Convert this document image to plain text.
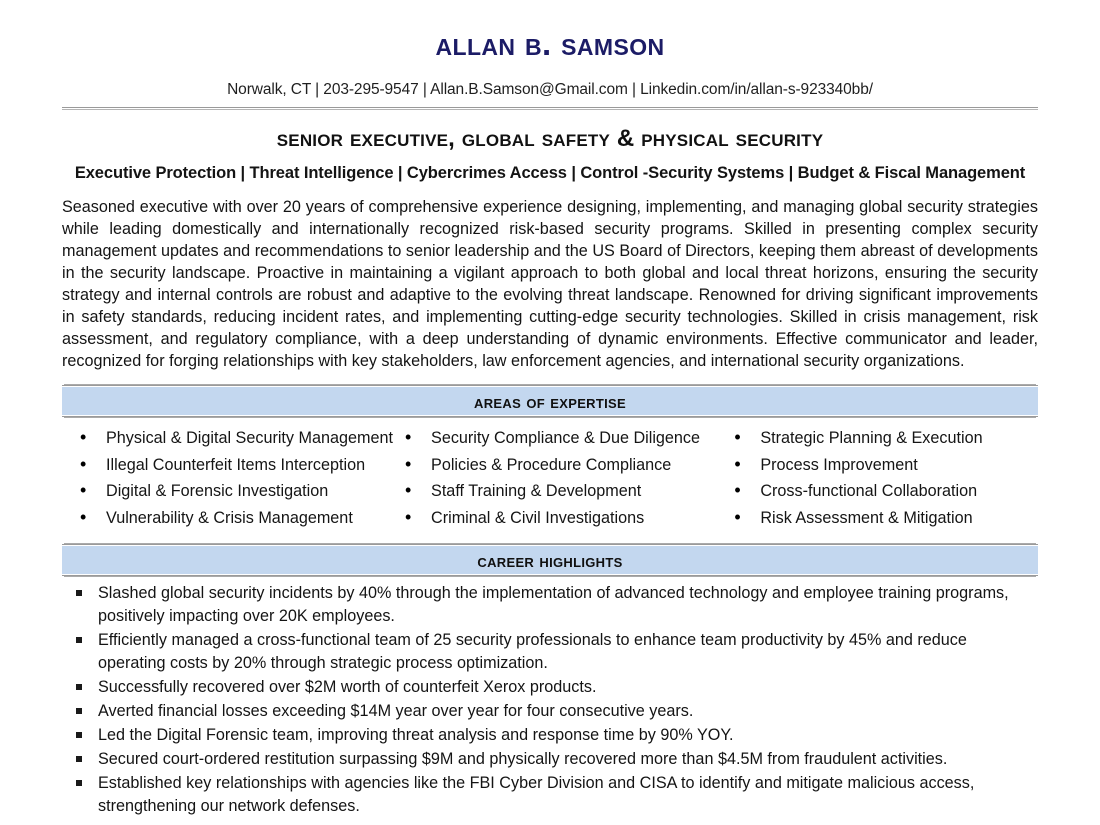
allan b. samson
Norwalk, CT | 203-295-9547 | Allan.B.Samson@Gmail.com | Linkedin.com/in/allan-s-923340bb/
senior executive, global safety & physical security
Executive Protection | Threat Intelligence | Cybercrimes Access | Control -Security Systems | Budget & Fiscal Management
Seasoned executive with over 20 years of comprehensive experience designing, implementing, and managing global security strategies while leading domestically and internationally recognized risk-based security programs. Skilled in presenting complex security management updates and recommendations to senior leadership and the US Board of Directors, keeping them abreast of developments in the security landscape. Proactive in maintaining a vigilant approach to both global and local threat horizons, ensuring the security strategy and internal controls are robust and adaptive to the evolving threat landscape. Renowned for driving significant improvements in safety standards, reducing incident rates, and implementing cutting-edge security technologies. Skilled in crisis management, risk assessment, and regulatory compliance, with a deep understanding of dynamic environments. Effective communicator and leader, recognized for forging relationships with key stakeholders, law enforcement agencies, and international security organizations.
areas of expertise
• Physical & Digital Security Management
• Illegal Counterfeit Items Interception
• Digital & Forensic Investigation
• Vulnerability & Crisis Management
• Security Compliance & Due Diligence
• Policies & Procedure Compliance
• Staff Training & Development
• Criminal & Civil Investigations
• Strategic Planning & Execution
• Process Improvement
• Cross-functional Collaboration
• Risk Assessment & Mitigation
career highlights
Slashed global security incidents by 40% through the implementation of advanced technology and employee training programs, positively impacting over 20K employees.
Efficiently managed a cross-functional team of 25 security professionals to enhance team productivity by 45% and reduce operating costs by 20% through strategic process optimization.
Successfully recovered over $2M worth of counterfeit Xerox products.
Averted financial losses exceeding $14M year over year for four consecutive years.
Led the Digital Forensic team, improving threat analysis and response time by 90% YOY.
Secured court-ordered restitution surpassing $9M and physically recovered more than $4.5M from fraudulent activities.
Established key relationships with agencies like the FBI Cyber Division and CISA to identify and mitigate malicious access, strengthening our network defenses.
